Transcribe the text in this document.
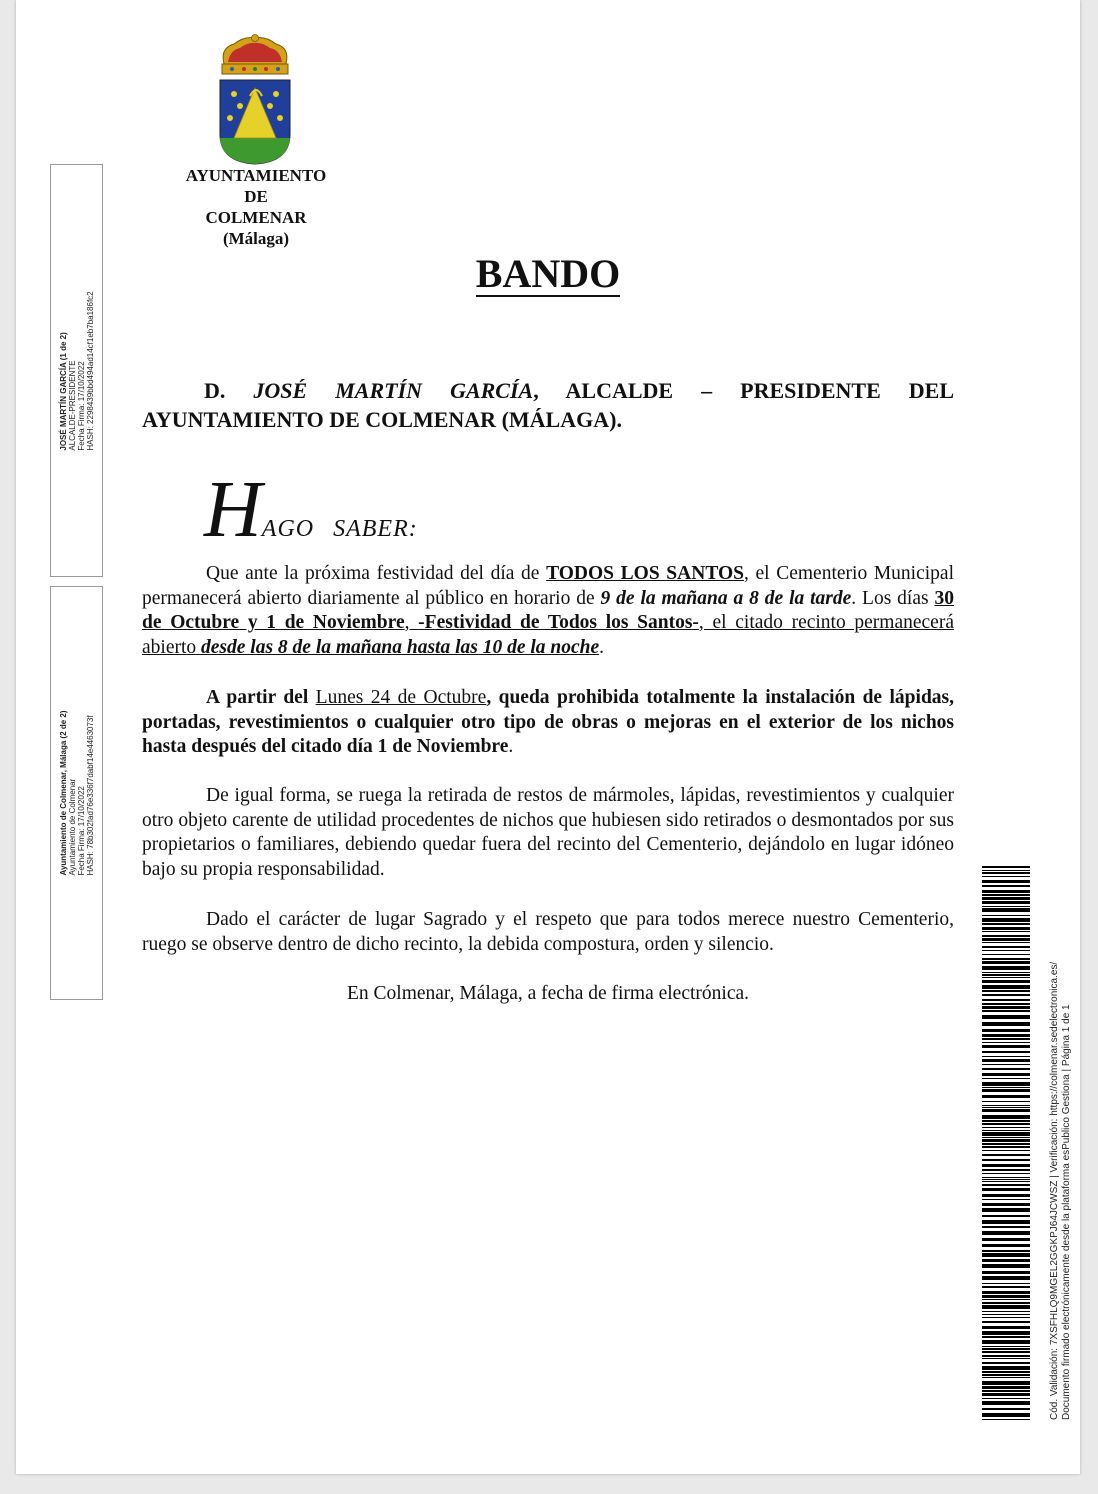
JOSÉ MARTÍN GARCÍA (1 de 2) ALCALDE-PRESIDENTE Fecha Firma: 17/10/2022 HASH: 2298439bbd494ad14cf1eb7ba186fc2
Ayuntamiento de Colmenar, Málaga (2 de 2) Ayuntamiento de Colmenar Fecha Firma: 17/10/2022 HASH: 78b302fad76e336f7dabf14e4463073f
AYUNTAMIENTO
DE
COLMENAR
(Málaga)
BANDO
D. JOSÉ MARTÍN GARCÍA, ALCALDE – PRESIDENTE DEL AYUNTAMIENTO DE COLMENAR (MÁLAGA).
HAGO SABER:
Que ante la próxima festividad del día de TODOS LOS SANTOS, el Cementerio Municipal permanecerá abierto diariamente al público en horario de 9 de la mañana a 8 de la tarde. Los días 30 de Octubre y 1 de Noviembre, -Festividad de Todos los Santos-, el citado recinto permanecerá abierto desde las 8 de la mañana hasta las 10 de la noche.
A partir del Lunes 24 de Octubre, queda prohibida totalmente la instalación de lápidas, portadas, revestimientos o cualquier otro tipo de obras o mejoras en el exterior de los nichos hasta después del citado día 1 de Noviembre.
De igual forma, se ruega la retirada de restos de mármoles, lápidas, revestimientos y cualquier otro objeto carente de utilidad procedentes de nichos que hubiesen sido retirados o desmontados por sus propietarios o familiares, debiendo quedar fuera del recinto del Cementerio, dejándolo en lugar idóneo bajo su propia responsabilidad.
Dado el carácter de lugar Sagrado y el respeto que para todos merece nuestro Cementerio, ruego se observe dentro de dicho recinto, la debida compostura, orden y silencio.
En Colmenar, Málaga, a fecha de firma electrónica.	Cód. Validación: 7XSFHLQ9MGEL2GGKPJ64JCWSZ | Verificación: https://colmenar.sedelectronica.es/ Documento firmado electrónicamente desde la plataforma esPublico Gestiona | Página 1 de 1
